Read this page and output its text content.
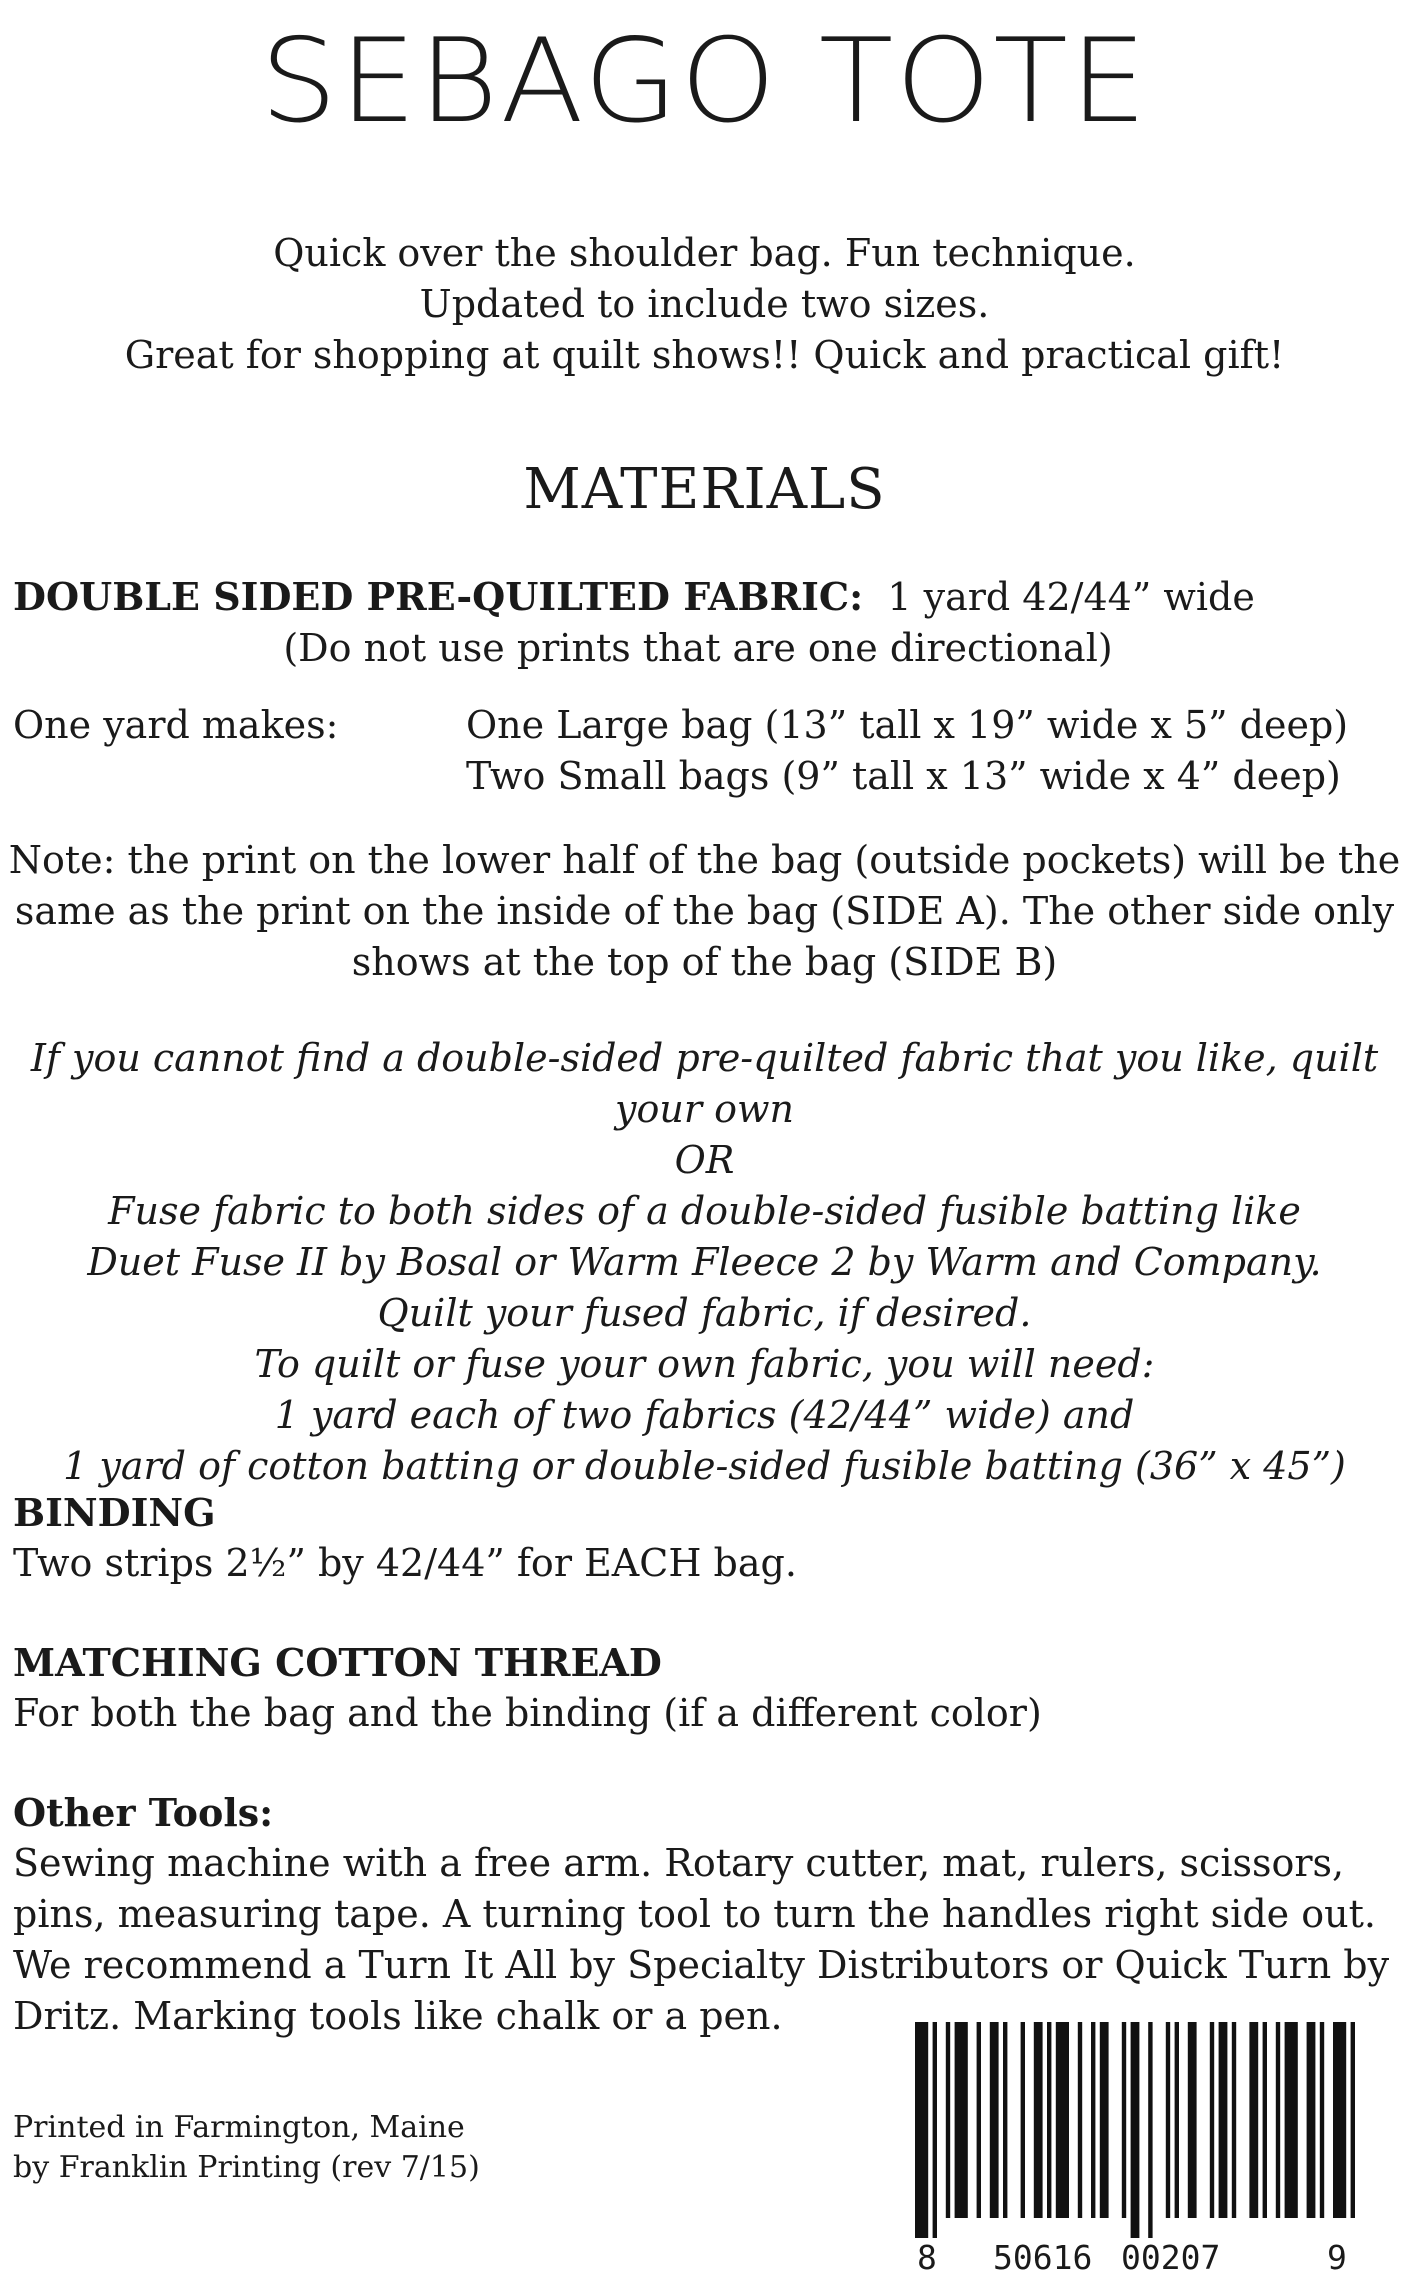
SEBAGO TOTE
Quick over the shoulder bag. Fun technique.
Updated to include two sizes.
Great for shopping at quilt shows!! Quick and practical gift!
MATERIALS
DOUBLE SIDED PRE-QUILTED FABRIC: 1 yard 42/44” wide
(Do not use prints that are one directional)
One yard makes:	One Large bag (13” tall x 19” wide x 5” deep)
Two Small bags (9” tall x 13” wide x 4” deep)
Note: the print on the lower half of the bag (outside pockets) will be the
same as the print on the inside of the bag (SIDE A). The other side only
shows at the top of the bag (SIDE B)
If you cannot find a double-sided pre-quilted fabric that you like, quilt your own
OR
Fuse fabric to both sides of a double-sided fusible batting like
Duet Fuse II by Bosal or Warm Fleece 2 by Warm and Company.
Quilt your fused fabric, if desired.
To quilt or fuse your own fabric, you will need:
1 yard each of two fabrics (42/44” wide) and
1 yard of cotton batting or double-sided fusible batting (36” x 45”)
BINDING
Two strips 2½” by 42/44” for EACH bag.
MATCHING COTTON THREAD
For both the bag and the binding (if a different color)
Other Tools:
Sewing machine with a free arm. Rotary cutter, mat, rulers, scissors,
pins, measuring tape. A turning tool to turn the handles right side out.
We recommend a Turn It All by Specialty Distributors or Quick Turn by
Dritz. Marking tools like chalk or a pen.
Printed in Farmington, Maine
by Franklin Printing (rev 7/15)
8 50616 00207	9
